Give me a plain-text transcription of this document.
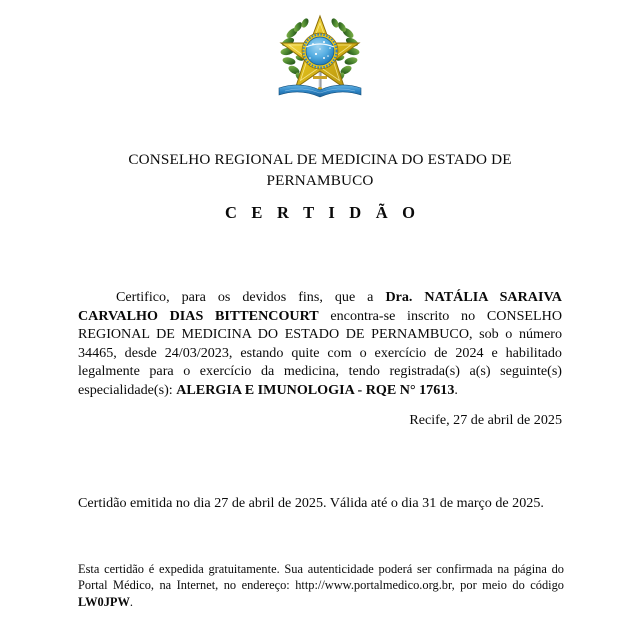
CONSELHO REGIONAL DE MEDICINA DO ESTADO DE PERNAMBUCO
C E R T I D Ã O

Certifico, para os devidos fins, que a Dra. NATÁLIA SARAIVA CARVALHO DIAS BITTENCOURT encontra-se inscrito no CONSELHO REGIONAL DE MEDICINA DO ESTADO DE PERNAMBUCO, sob o número 34465, desde 24/03/2023, estando quite com o exercício de 2024 e habilitado legalmente para o exercício da medicina, tendo registrada(s) a(s) seguinte(s) especialidade(s): ALERGIA E IMUNOLOGIA - RQE N° 17613.

Recife, 27 de abril de 2025
Certidão emitida no dia 27 de abril de 2025. Válida até o dia 31 de março de 2025.
Esta certidão é expedida gratuitamente. Sua autenticidade poderá ser confirmada na página do Portal Médico, na Internet, no endereço: http://www.portalmedico.org.br, por meio do código LW0JPW.
